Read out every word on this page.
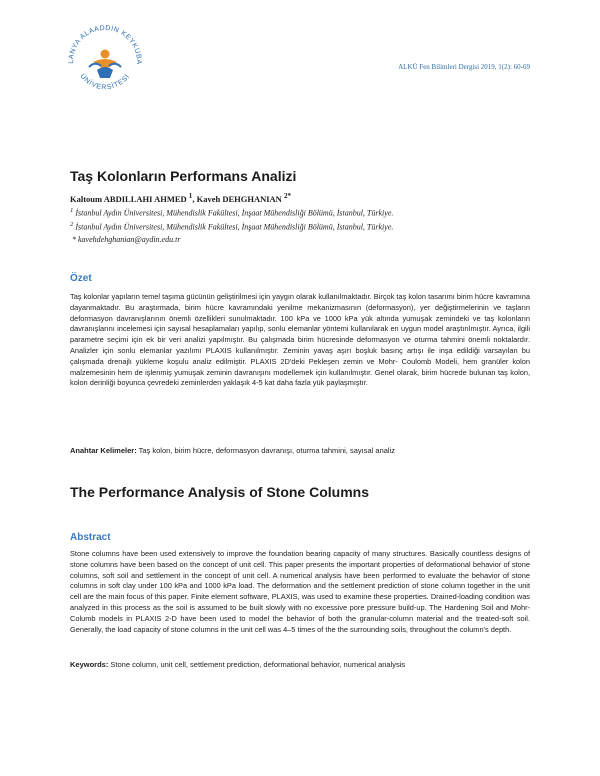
LANYA ALAADDİN KEYKUBA
ÜNİVERSİTESİ
ALKÜ Fen Bilimleri Dergisi 2019, 1(2): 60-69
Taş Kolonların Performans Analizi
Kaltoum ABDILLAHI AHMED $^1$, Kaveh DEHGHANIAN $^{2*}$
$^1$ İstanbul Aydın Üniversitesi, Mühendislik Fakültesi, İnşaat Mühendisliği Bölümü, İstanbul, Türkiye.
$^2$ İstanbul Aydın Üniversitesi, Mühendislik Fakültesi, İnşaat Mühendisliği Bölümü, İstanbul, Türkiye.
* kavehdehghanian@aydin.edu.tr
Özet

Taş kolonlar yapıların temel taşıma gücünün geliştirilmesi için yaygın olarak kullanılmaktadır. Birçok taş kolon tasarımı birim hücre kavramına dayanmaktadır. Bu araştırmada, birim hücre kavramındaki yenilme mekanizmasının (deformasyon), yer değiştirmelerinin ve taşların deformasyon davranışlarının önemli özellikleri sunulmaktadır. 100 kPa ve 1000 kPa yük altında yumuşak zemindeki ve taş kolonların davranışlarını incelemesi için sayısal hesaplamaları yapılıp, sonlu elemanlar yöntemi kullanılarak en uygun model araştırılmıştır. Ayrıca, ilgili parametre seçimi için ek bir veri analizi yapılmıştır. Bu çalışmada birim hücresinde deformasyon ve oturma tahmini önemli noktalardır. Analizler için sonlu elemanlar yazılımı PLAXIS kullanılmıştır. Zeminin yavaş aşırı boşluk basınç artışı ile inşa edildiği varsayılan bu çalışmada drenajlı yükleme koşulu analiz edilmiştir. PLAXIS 2D'deki Pekleşen zemin ve Mohr- Coulomb Modeli, hem granüler kolon malzemesinin hem de işlenmiş yumuşak zeminin davranışını modellemek için kullanılmıştır. Genel olarak, birim hücrede bulunan taş kolon, kolon derinliği boyunca çevredeki zeminlerden yaklaşık 4-5 kat daha fazla yük paylaşmıştır.

Anahtar Kelimeler: Taş kolon, birim hücre, deformasyon davranışı, oturma tahmini, sayısal analiz
The Performance Analysis of Stone Columns
Abstract

Stone columns have been used extensively to improve the foundation bearing capacity of many structures. Basically countless designs of stone columns have been based on the concept of unit cell. This paper presents the important properties of deformational behavior of stone columns, soft soil and settlement in the concept of unit cell. A numerical analysis have been performed to evaluate the behavior of stone columns in soft clay under 100 kPa and 1000 kPa load. The deformation and the settlement prediction of stone column together in the unit cell are the main focus of this paper. Finite element software, PLAXIS, was used to examine these properties. Drained-loading condition was analyzed in this process as the soil is assumed to be built slowly with no excessive pore pressure build-up. The Hardening Soil and Mohr-Columb models in PLAXIS 2-D have been used to model the behavior of both the granular-column material and the treated-soft soil. Generally, the load capacity of stone columns in the unit cell was 4–5 times of the the surrounding soils, throughout the column's depth.

Keywords: Stone column, unit cell, settlement prediction, deformational behavior, numerical analysis
